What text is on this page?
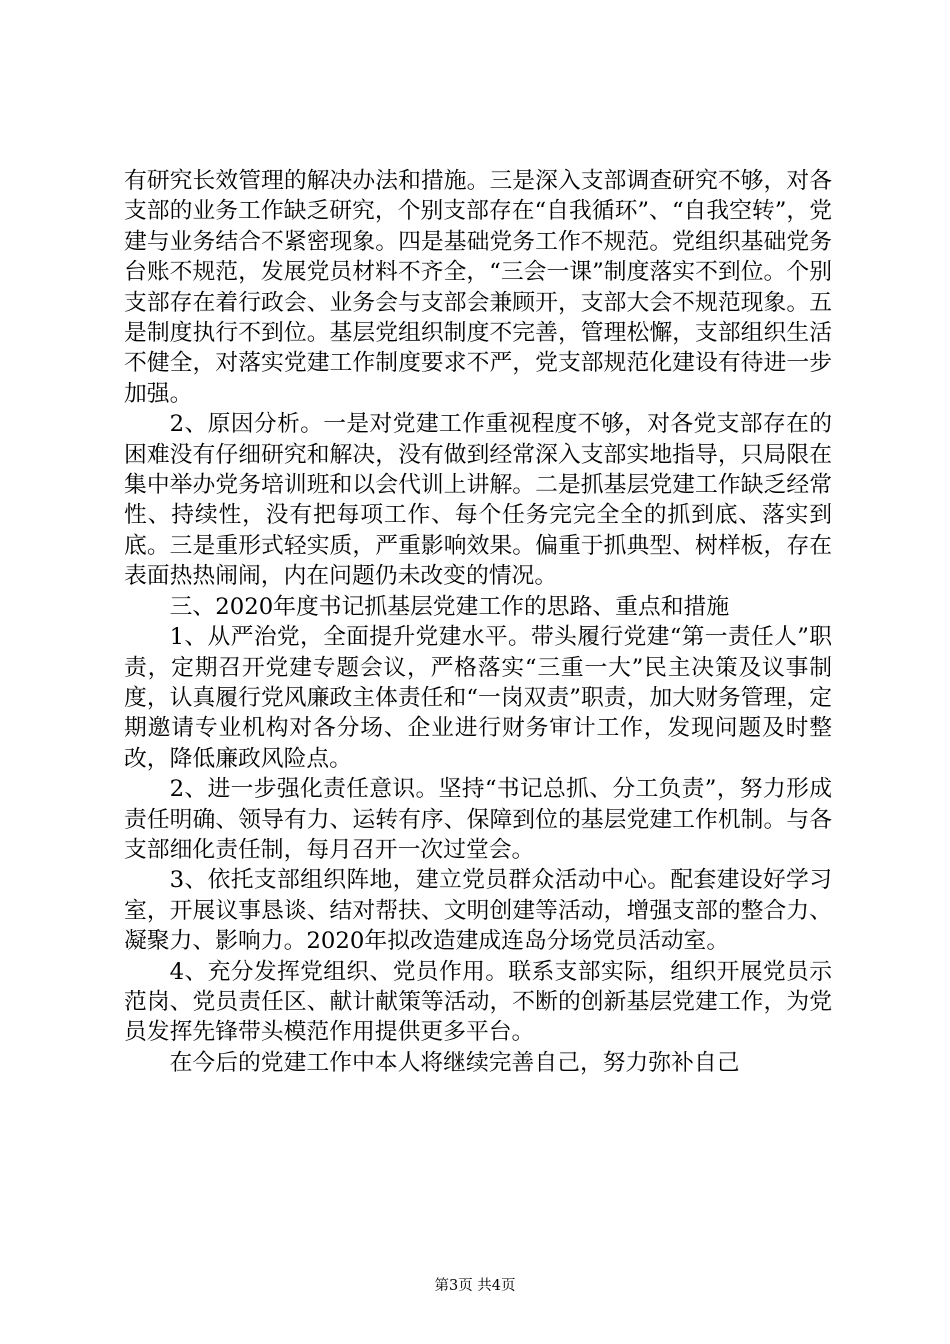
有研究长效管理的解决办法和措施。三是深入支部调查研究不够，对各支部的业务工作缺乏研究，个别支部存在“自我循环”、“自我空转”，党建与业务结合不紧密现象。四是基础党务工作不规范。党组织基础党务台账不规范，发展党员材料不齐全，“三会一课”制度落实不到位。个别支部存在着行政会、业务会与支部会兼顾开，支部大会不规范现象。五是制度执行不到位。基层党组织制度不完善，管理松懈，支部组织生活不健全，对落实党建工作制度要求不严，党支部规范化建设有待进一步加强。

2、原因分析。一是对党建工作重视程度不够，对各党支部存在的困难没有仔细研究和解决，没有做到经常深入支部实地指导，只局限在集中举办党务培训班和以会代训上讲解。二是抓基层党建工作缺乏经常性、持续性，没有把每项工作、每个任务完完全全的抓到底、落实到底。三是重形式轻实质，严重影响效果。偏重于抓典型、树样板，存在表面热热闹闹，内在问题仍未改变的情况。

三、2020年度书记抓基层党建工作的思路、重点和措施

1、从严治党，全面提升党建水平。带头履行党建“第一责任人”职责，定期召开党建专题会议，严格落实“三重一大”民主决策及议事制度，认真履行党风廉政主体责任和“一岗双责”职责，加大财务管理，定期邀请专业机构对各分场、企业进行财务审计工作，发现问题及时整改，降低廉政风险点。

2、进一步强化责任意识。坚持“书记总抓、分工负责”，努力形成责任明确、领导有力、运转有序、保障到位的基层党建工作机制。与各支部细化责任制，每月召开一次过堂会。

3、依托支部组织阵地，建立党员群众活动中心。配套建设好学习室，开展议事恳谈、结对帮扶、文明创建等活动，增强支部的整合力、凝聚力、影响力。2020年拟改造建成连岛分场党员活动室。

4、充分发挥党组织、党员作用。联系支部实际，组织开展党员示范岗、党员责任区、献计献策等活动，不断的创新基层党建工作，为党员发挥先锋带头模范作用提供更多平台。

在今后的党建工作中本人将继续完善自己，努力弥补自己

第3页 共4页
